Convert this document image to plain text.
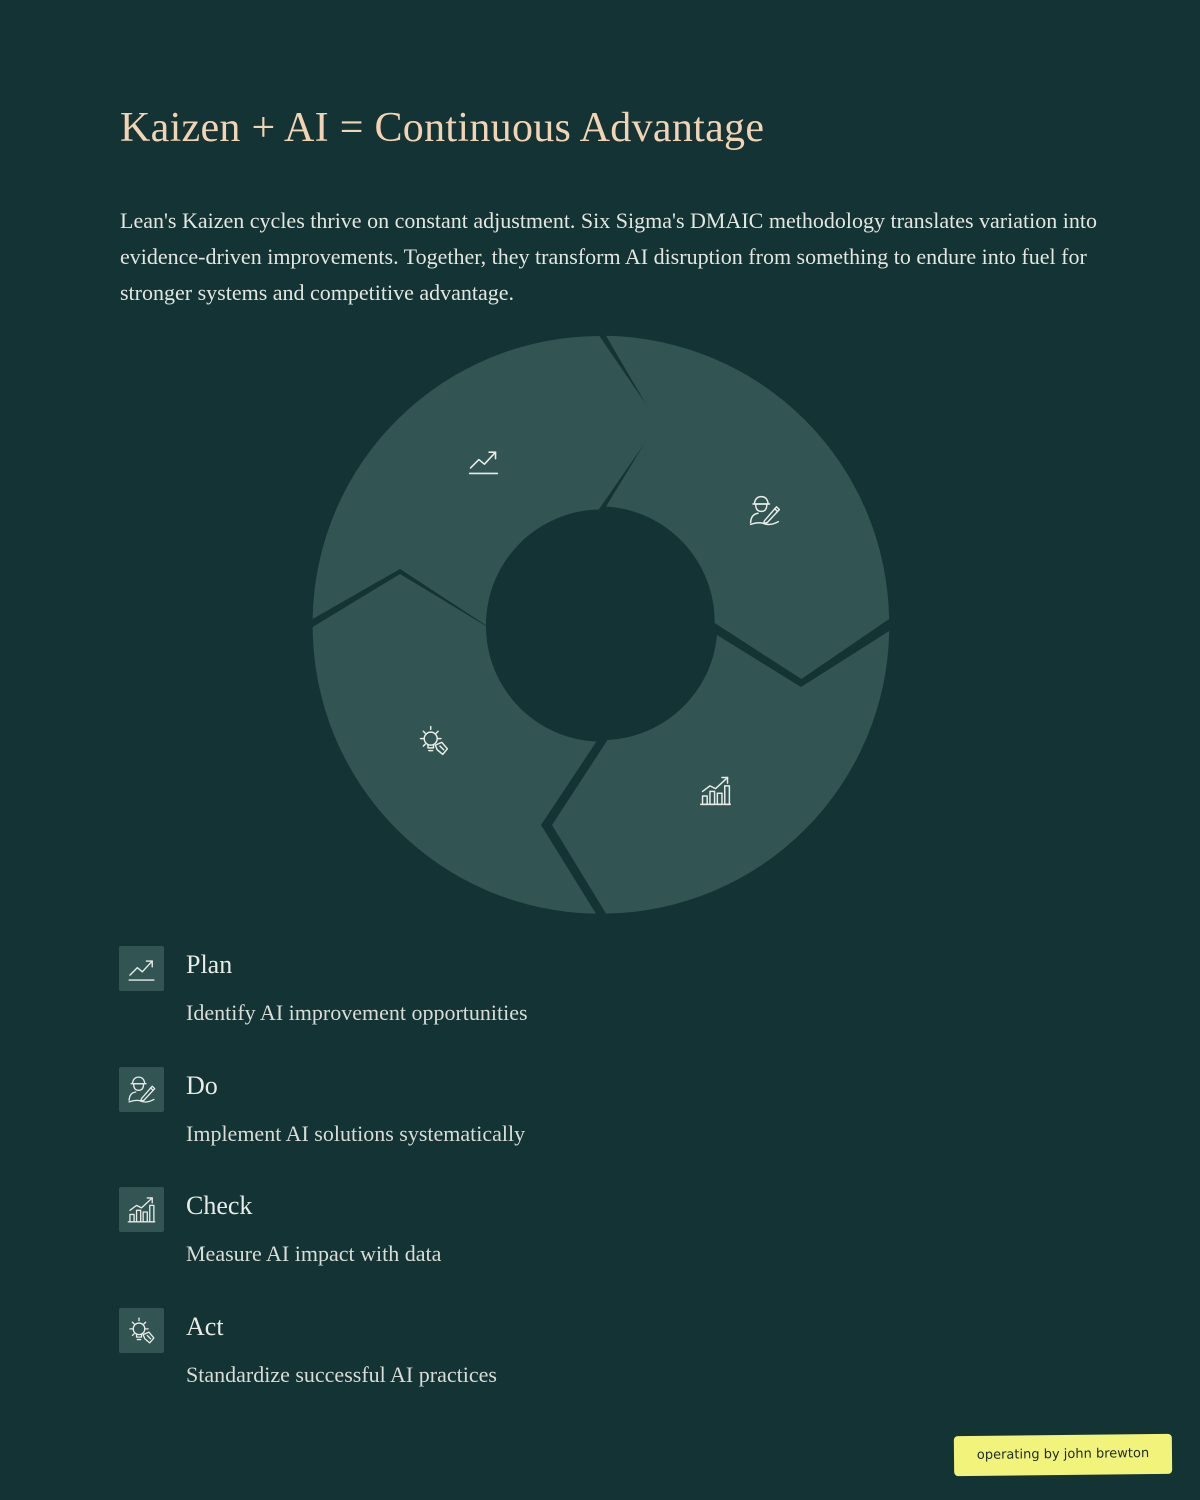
Kaizen + AI = Continuous Advantage

Lean's Kaizen cycles thrive on constant adjustment. Six Sigma's DMAIC methodology translates variation into evidence-driven improvements. Together, they transform AI disruption from something to endure into fuel for stronger systems and competitive advantage.

Plan
Identify AI improvement opportunities
Do
Implement AI solutions systematically
Check
Measure AI impact with data
Act
Standardize successful AI practices
operating by john brewton
